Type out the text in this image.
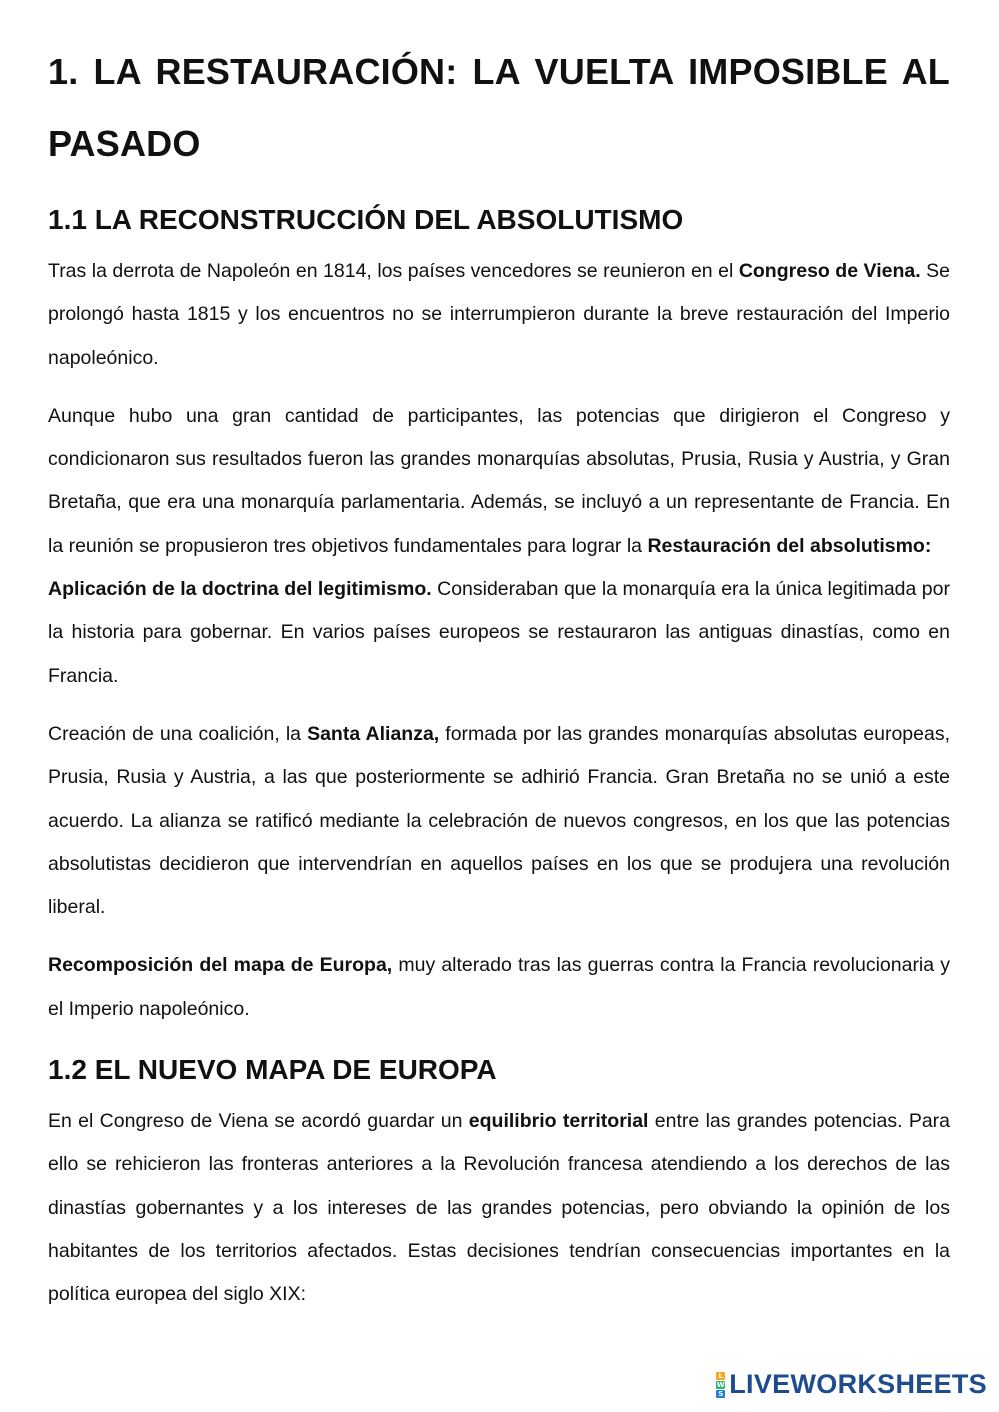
1. LA RESTAURACIÓN: LA VUELTA IMPOSIBLE AL PASADO
1.1 LA RECONSTRUCCIÓN DEL ABSOLUTISMO

Tras la derrota de Napoleón en 1814, los países vencedores se reunieron en el Congreso de Viena. Se prolongó hasta 1815 y los encuentros no se interrumpieron durante la breve restauración del Imperio napoleónico.

Aunque hubo una gran cantidad de participantes, las potencias que dirigieron el Congreso y condicionaron sus resultados fueron las grandes monarquías absolutas, Prusia, Rusia y Austria, y Gran Bretaña, que era una monarquía parlamentaria. Además, se incluyó a un representante de Francia. En la reunión se propusieron tres objetivos fundamentales para lograr la Restauración del absolutismo:

Aplicación de la doctrina del legitimismo. Consideraban que la monarquía era la única legitimada por la historia para gobernar. En varios países europeos se restauraron las antiguas dinastías, como en Francia.

Creación de una coalición, la Santa Alianza, formada por las grandes monarquías absolutas europeas, Prusia, Rusia y Austria, a las que posteriormente se adhirió Francia. Gran Bretaña no se unió a este acuerdo. La alianza se ratificó mediante la celebración de nuevos congresos, en los que las potencias absolutistas decidieron que intervendrían en aquellos países en los que se produjera una revolución liberal.

Recomposición del mapa de Europa, muy alterado tras las guerras contra la Francia revolucionaria y el Imperio napoleónico.

1.2 EL NUEVO MAPA DE EUROPA

En el Congreso de Viena se acordó guardar un equilibrio territorial entre las grandes potencias. Para ello se rehicieron las fronteras anteriores a la Revolución francesa atendiendo a los derechos de las dinastías gobernantes y a los intereses de las grandes potencias, pero obviando la opinión de los habitantes de los territorios afectados. Estas decisiones tendrían consecuencias importantes en la política europea del siglo XIX:

L
W
S LIVEWORKSHEETS
